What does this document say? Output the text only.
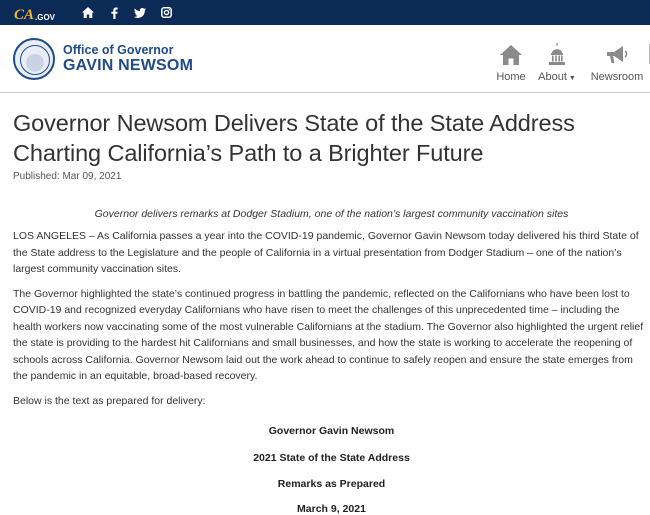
CA .GOV
Office of Governor
GAVIN NEWSOM
Home About ▼ Newsroom
Governor Newsom Delivers State of the State Address Charting California’s Path to a Brighter Future
Published: Mar 09, 2021

Governor delivers remarks at Dodger Stadium, one of the nation’s largest community vaccination sites

LOS ANGELES – As California passes a year into the COVID-19 pandemic, Governor Gavin Newsom today delivered his third State of the State address to the Legislature and the people of California in a virtual presentation from Dodger Stadium – one of the nation’s largest community vaccination sites.

The Governor highlighted the state’s continued progress in battling the pandemic, reflected on the Californians who have been lost to COVID-19 and recognized everyday Californians who have risen to meet the challenges of this unprecedented time – including the health workers now vaccinating some of the most vulnerable Californians at the stadium. The Governor also highlighted the urgent relief the state is providing to the hardest hit Californians and small businesses, and how the state is working to accelerate the reopening of schools across California. Governor Newsom laid out the work ahead to continue to safely reopen and ensure the state emerges from the pandemic in an equitable, broad-based recovery.

Below is the text as prepared for delivery:

Governor Gavin Newsom

2021 State of the State Address

Remarks as Prepared

March 9, 2021
